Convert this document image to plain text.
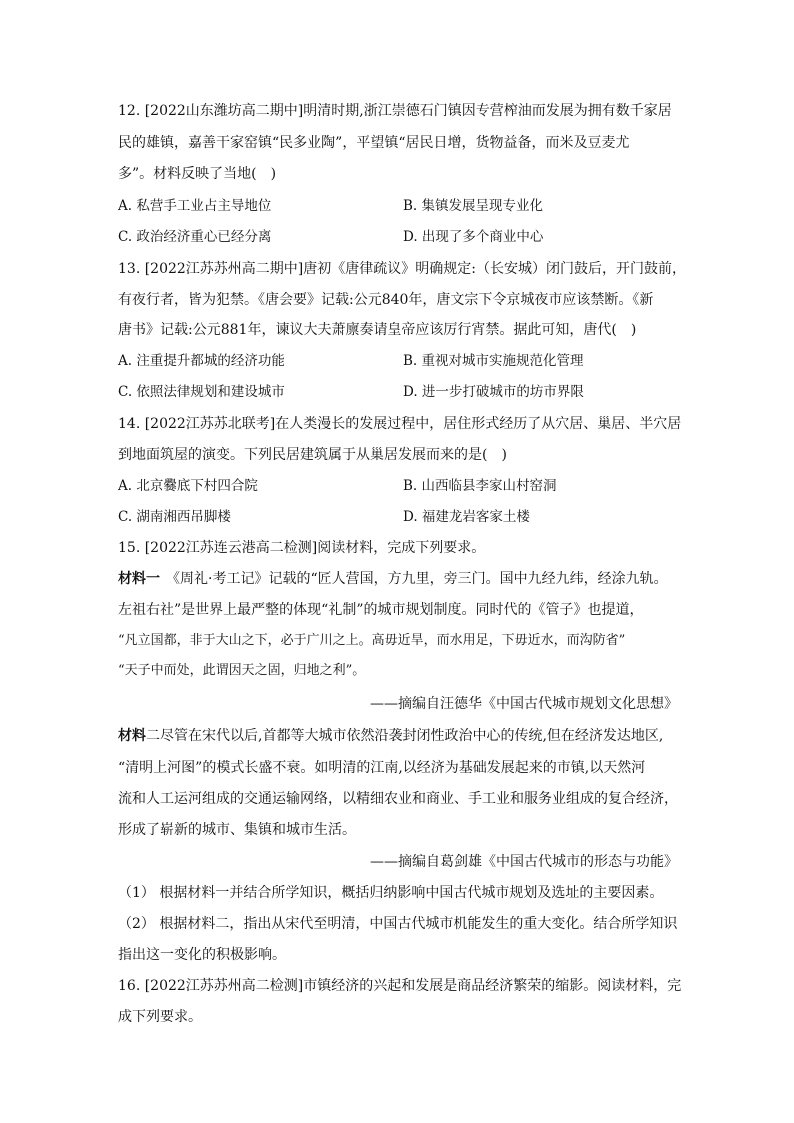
12. [2022山东潍坊高二期中]明清时期,浙江崇德石门镇因专营榨油而发展为拥有数千家居
民的雄镇，嘉善干家窑镇“民多业陶”，平望镇“居民日增，货物益备，而米及豆麦尤
多”。材料反映了当地(　)
A. 私营手工业占主导地位	B. 集镇发展呈现专业化
C. 政治经济重心已经分离	D. 出现了多个商业中心
13. [2022江苏苏州高二期中]唐初《唐律疏议》明确规定:（长安城）闭门鼓后，开门鼓前，
有夜行者，皆为犯禁。《唐会要》记载:公元840年，唐文宗下令京城夜市应该禁断。《新
唐书》记载:公元881年，谏议大夫萧廪奏请皇帝应该厉行宵禁。据此可知，唐代(　)
A. 注重提升都城的经济功能	B. 重视对城市实施规范化管理
C. 依照法律规划和建设城市	D. 进一步打破城市的坊市界限
14. [2022江苏苏北联考]在人类漫长的发展过程中，居住形式经历了从穴居、巢居、半穴居
到地面筑屋的演变。下列民居建筑属于从巢居发展而来的是(　)
A. 北京爨底下村四合院	B. 山西临县李家山村窑洞
C. 湖南湘西吊脚楼	D. 福建龙岩客家土楼
15. [2022江苏连云港高二检测]阅读材料，完成下列要求。
材料一 《周礼·考工记》记载的“匠人营国，方九里，旁三门。国中九经九纬，经涂九轨。
左祖右社”是世界上最严整的体现“礼制”的城市规划制度。同时代的《管子》也提道，
“凡立国都，非于大山之下，必于广川之上。高毋近旱，而水用足，下毋近水，而沟防省”
“天子中而处，此谓因天之固，归地之利”。
——摘编自汪德华《中国古代城市规划文化思想》
材料二尽管在宋代以后,首都等大城市依然沿袭封闭性政治中心的传统,但在经济发达地区,
“清明上河图”的模式长盛不衰。如明清的江南,以经济为基础发展起来的市镇,以天然河
流和人工运河组成的交通运输网络，以精细农业和商业、手工业和服务业组成的复合经济，
形成了崭新的城市、集镇和城市生活。
——摘编自葛剑雄《中国古代城市的形态与功能》
（1） 根据材料一并结合所学知识，概括归纳影响中国古代城市规划及选址的主要因素。
（2） 根据材料二，指出从宋代至明清，中国古代城市机能发生的重大变化。结合所学知识
指出这一变化的积极影响。
16. [2022江苏苏州高二检测]市镇经济的兴起和发展是商品经济繁荣的缩影。阅读材料，完
成下列要求。
